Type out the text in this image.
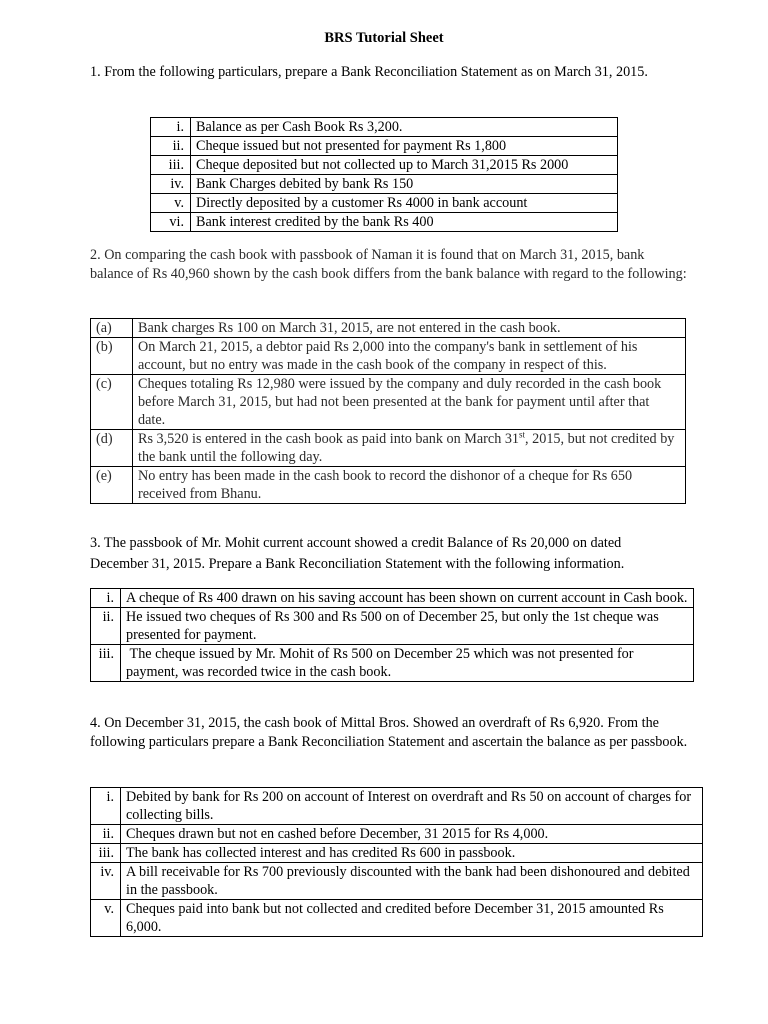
BRS Tutorial Sheet
1. From the following particulars, prepare a Bank Reconciliation Statement as on March 31, 2015.
i.	Balance as per Cash Book Rs 3,200.
ii.	Cheque issued but not presented for payment Rs 1,800
iii.	Cheque deposited but not collected up to March 31,2015 Rs 2000
iv.	Bank Charges debited by bank Rs 150
v.	Directly deposited by a customer Rs 4000 in bank account
vi.	Bank interest credited by the bank Rs 400
2. On comparing the cash book with passbook of Naman it is found that on March 31, 2015, bank balance of Rs 40,960 shown by the cash book differs from the bank balance with regard to the following:
(a)	Bank charges Rs 100 on March 31, 2015, are not entered in the cash book.
(b)	On March 21, 2015, a debtor paid Rs 2,000 into the company's bank in settlement of his account, but no entry was made in the cash book of the company in respect of this.
(c)	Cheques totaling Rs 12,980 were issued by the company and duly recorded in the cash book before March 31, 2015, but had not been presented at the bank for payment until after that date.
(d)	Rs 3,520 is entered in the cash book as paid into bank on March 31st, 2015, but not credited by the bank until the following day.
(e)	No entry has been made in the cash book to record the dishonor of a cheque for Rs 650 received from Bhanu.
3. The passbook of Mr. Mohit current account showed a credit Balance of Rs 20,000 on dated December 31, 2015. Prepare a Bank Reconciliation Statement with the following information.
i.	A cheque of Rs 400 drawn on his saving account has been shown on current account in Cash book.
ii.	He issued two cheques of Rs 300 and Rs 500 on of December 25, but only the 1st cheque was presented for payment.
iii.	The cheque issued by Mr. Mohit of Rs 500 on December 25 which was not presented for payment, was recorded twice in the cash book.
4. On December 31, 2015, the cash book of Mittal Bros. Showed an overdraft of Rs 6,920. From the following particulars prepare a Bank Reconciliation Statement and ascertain the balance as per passbook.
i.	Debited by bank for Rs 200 on account of Interest on overdraft and Rs 50 on account of charges for collecting bills.
ii.	Cheques drawn but not en cashed before December, 31 2015 for Rs 4,000.
iii.	The bank has collected interest and has credited Rs 600 in passbook.
iv.	A bill receivable for Rs 700 previously discounted with the bank had been dishonoured and debited in the passbook.
v.	Cheques paid into bank but not collected and credited before December 31, 2015 amounted Rs 6,000.
